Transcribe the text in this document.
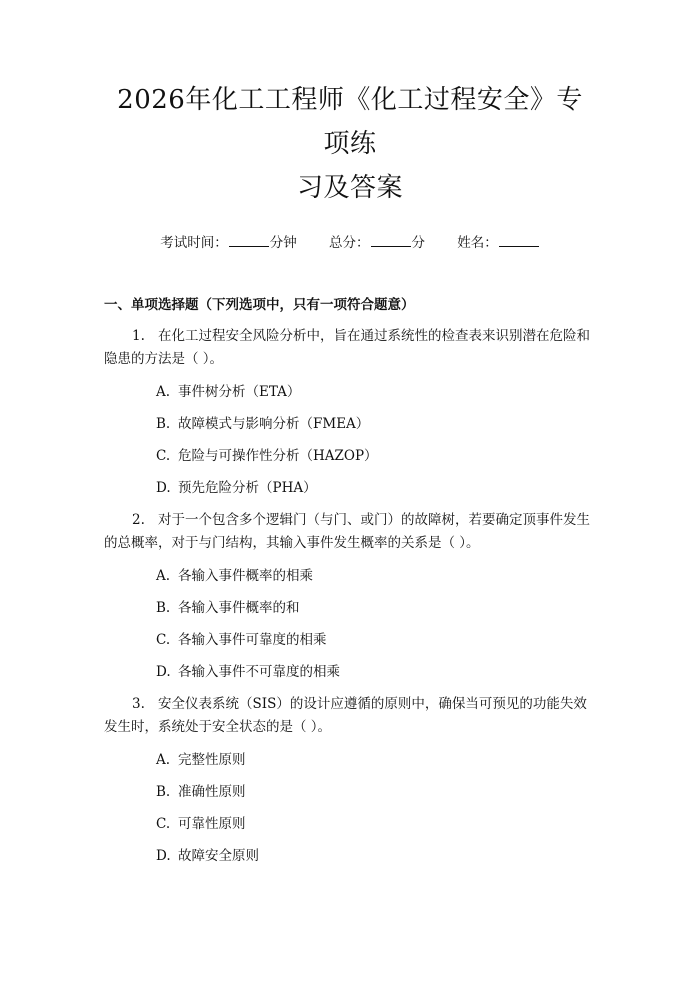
2026年化工工程师《化工过程安全》专项练
习及答案
考试时间：	分钟 总分：	分 姓名：
一、单项选择题（下列选项中，只有一项符合题意）

1. 在化工过程安全风险分析中，旨在通过系统性的检查表来识别潜在危险和隐患的方法是（ ）。

A. 事件树分析（ETA）
B. 故障模式与影响分析（FMEA）
C. 危险与可操作性分析（HAZOP）
D. 预先危险分析（PHA）

2. 对于一个包含多个逻辑门（与门、或门）的故障树，若要确定顶事件发生的总概率，对于与门结构，其输入事件发生概率的关系是（ ）。

A. 各输入事件概率的相乘
B. 各输入事件概率的和
C. 各输入事件可靠度的相乘
D. 各输入事件不可靠度的相乘

3. 安全仪表系统（SIS）的设计应遵循的原则中，确保当可预见的功能失效发生时，系统处于安全状态的是（ ）。

A. 完整性原则
B. 准确性原则
C. 可靠性原则
D. 故障安全原则
